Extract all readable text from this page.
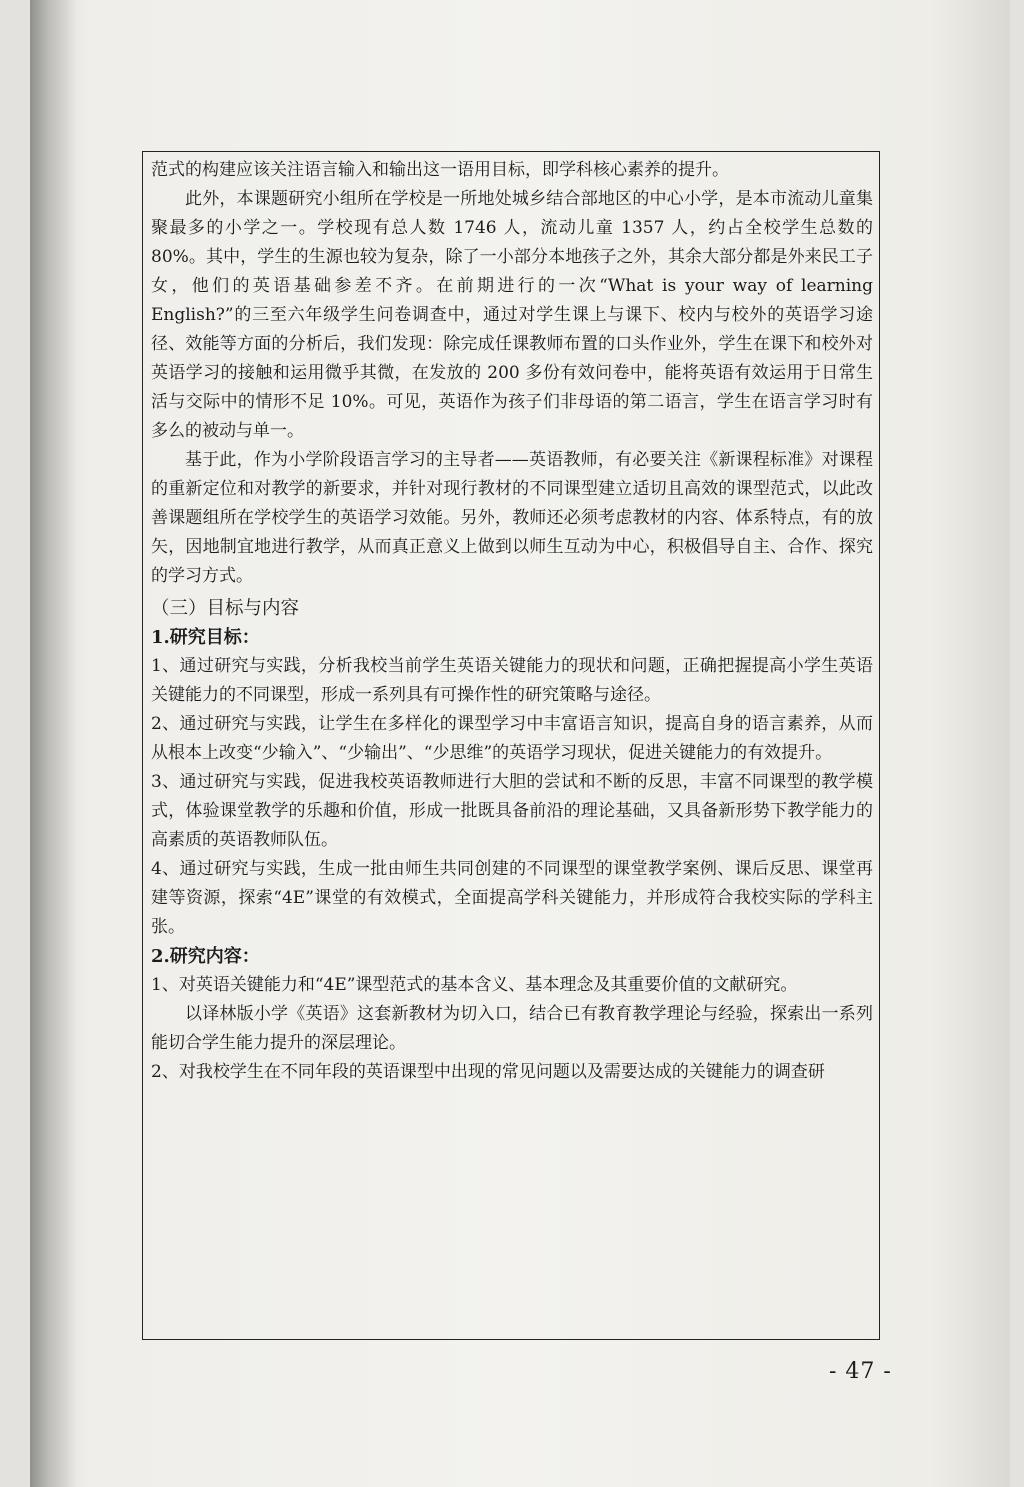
范式的构建应该关注语言输入和输出这一语用目标，即学科核心素养的提升。

此外，本课题研究小组所在学校是一所地处城乡结合部地区的中心小学，是本市流动儿童集聚最多的小学之一。学校现有总人数 1746 人，流动儿童 1357 人，约占全校学生总数的 80%。其中，学生的生源也较为复杂，除了一小部分本地孩子之外，其余大部分都是外来民工子女，他们的英语基础参差不齐。在前期进行的一次“What is your way of learning English?”的三至六年级学生问卷调查中，通过对学生课上与课下、校内与校外的英语学习途径、效能等方面的分析后，我们发现：除完成任课教师布置的口头作业外，学生在课下和校外对英语学习的接触和运用微乎其微，在发放的 200 多份有效问卷中，能将英语有效运用于日常生活与交际中的情形不足 10%。可见，英语作为孩子们非母语的第二语言，学生在语言学习时有多么的被动与单一。

基于此，作为小学阶段语言学习的主导者——英语教师，有必要关注《新课程标准》对课程的重新定位和对教学的新要求，并针对现行教材的不同课型建立适切且高效的课型范式，以此改善课题组所在学校学生的英语学习效能。另外，教师还必须考虑教材的内容、体系特点，有的放矢，因地制宜地进行教学，从而真正意义上做到以师生互动为中心，积极倡导自主、合作、探究的学习方式。

（三）目标与内容

1.研究目标：

1、通过研究与实践，分析我校当前学生英语关键能力的现状和问题，正确把握提高小学生英语关键能力的不同课型，形成一系列具有可操作性的研究策略与途径。

2、通过研究与实践，让学生在多样化的课型学习中丰富语言知识，提高自身的语言素养，从而从根本上改变“少输入”、“少输出”、“少思维”的英语学习现状，促进关键能力的有效提升。

3、通过研究与实践，促进我校英语教师进行大胆的尝试和不断的反思，丰富不同课型的教学模式，体验课堂教学的乐趣和价值，形成一批既具备前沿的理论基础，又具备新形势下教学能力的高素质的英语教师队伍。

4、通过研究与实践，生成一批由师生共同创建的不同课型的课堂教学案例、课后反思、课堂再建等资源，探索“4E”课堂的有效模式，全面提高学科关键能力，并形成符合我校实际的学科主张。

2.研究内容：

1、对英语关键能力和“4E”课型范式的基本含义、基本理念及其重要价值的文献研究。

以译林版小学《英语》这套新教材为切入口，结合已有教育教学理论与经验，探索出一系列能切合学生能力提升的深层理论。

2、对我校学生在不同年段的英语课型中出现的常见问题以及需要达成的关键能力的调查研

- 47 -
